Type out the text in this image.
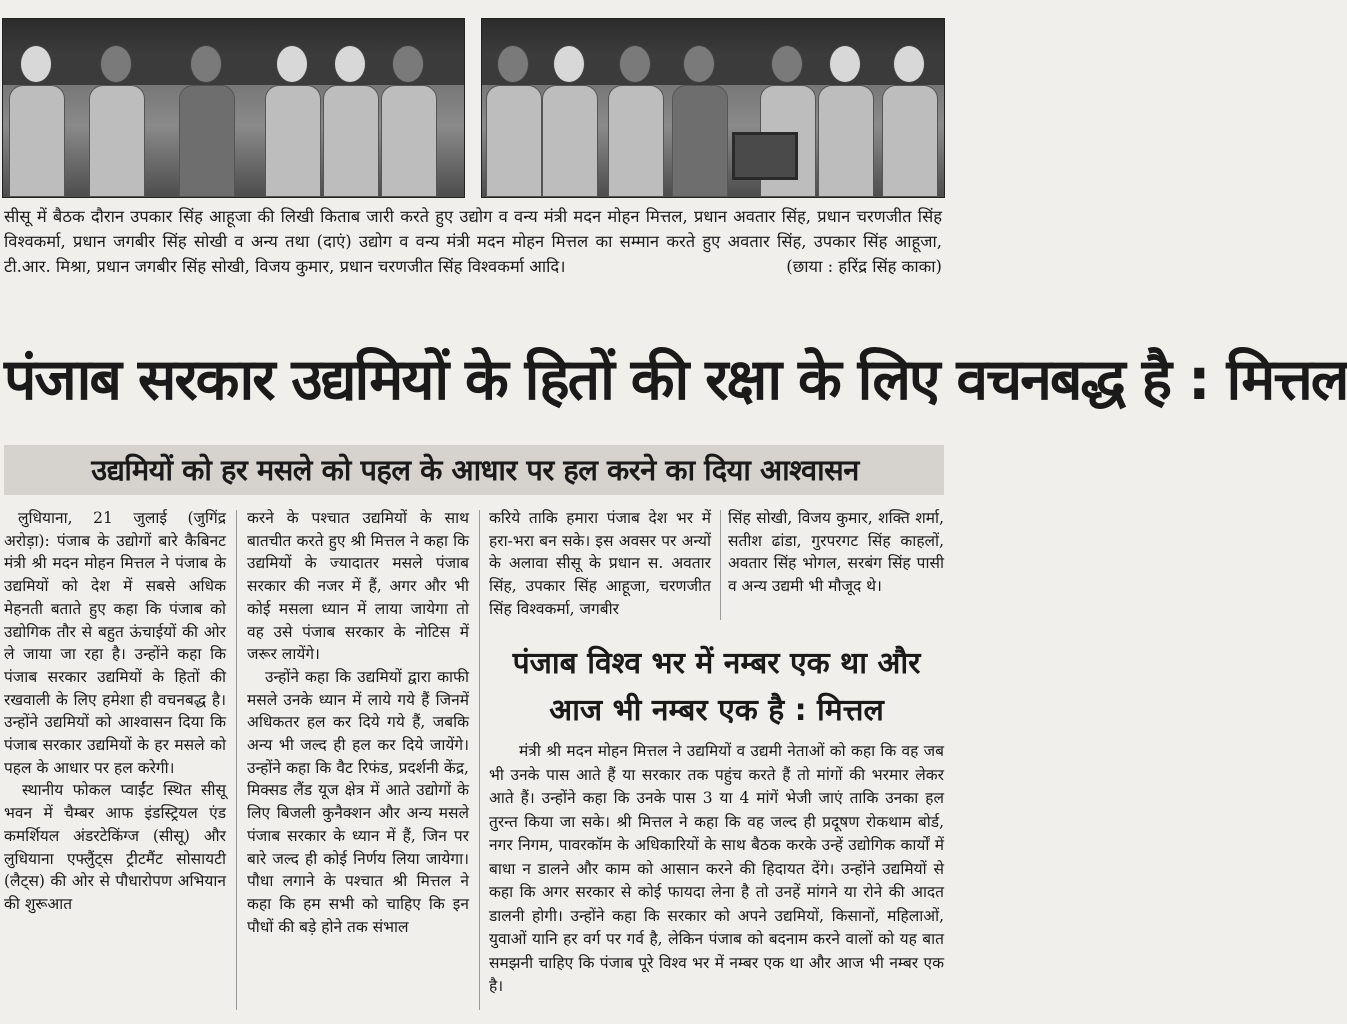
सीसू में बैठक दौरान उपकार सिंह आहूजा की लिखी किताब जारी करते हुए उद्योग व वन्य मंत्री मदन मोहन मित्तल, प्रधान अवतार सिंह, प्रधान चरणजीत सिंह विश्वकर्मा, प्रधान जगबीर सिंह सोखी व अन्य तथा (दाएं) उद्योग व वन्य मंत्री मदन मोहन मित्तल का सम्मान करते हुए अवतार सिंह, उपकार सिंह आहूजा, टी.आर. मिश्रा, प्रधान जगबीर सिंह सोखी, विजय कुमार, प्रधान चरणजीत सिंह विश्वकर्मा आदि।	(छाया : हरिंद्र सिंह काका)

पंजाब सरकार उद्यमियों के हितों की रक्षा के लिए वचनबद्ध है : मित्तल
उद्यमियों को हर मसले को पहल के आधार पर हल करने का दिया आश्वासन

लुधियाना, 21 जुलाई (जुगिंद्र अरोड़ा): पंजाब के उद्योगों बारे कैबिनट मंत्री श्री मदन मोहन मित्तल ने पंजाब के उद्यमियों को देश में सबसे अधिक मेहनती बताते हुए कहा कि पंजाब को उद्योगिक तौर से बहुत ऊंचाईयों की ओर ले जाया जा रहा है। उन्होंने कहा कि पंजाब सरकार उद्यमियों के हितों की रखवाली के लिए हमेशा ही वचनबद्ध है। उन्होंने उद्यमियों को आश्वासन दिया कि पंजाब सरकार उद्यमियों के हर मसले को पहल के आधार पर हल करेगी।

स्थानीय फोकल प्वाईंट स्थित सीसू भवन में चैम्बर आफ इंडस्ट्रियल एंड कमर्शियल अंडरटेकिंग्ज (सीसू) और लुधियाना एफ्लुैंट्स ट्रीटमैंट सोसायटी (लैट्स) की ओर से पौधारोपण अभियान की शुरूआत

करने के पश्चात उद्यमियों के साथ बातचीत करते हुए श्री मित्तल ने कहा कि उद्यमियों के ज्यादातर मसले पंजाब सरकार की नजर में हैं, अगर और भी कोई मसला ध्यान में लाया जायेगा तो वह उसे पंजाब सरकार के नोटिस में जरूर लायेंगे।

उन्होंने कहा कि उद्यमियों द्वारा काफी मसले उनके ध्यान में लाये गये हैं जिनमें अधिकतर हल कर दिये गये हैं, जबकि अन्य भी जल्द ही हल कर दिये जायेंगे। उन्होंने कहा कि वैट रिफंड, प्रदर्शनी केंद्र, मिक्सड लैंड यूज क्षेत्र में आते उद्योगों के लिए बिजली कुनैक्शन और अन्य मसले पंजाब सरकार के ध्यान में हैं, जिन पर बारे जल्द ही कोई निर्णय लिया जायेगा। पौधा लगाने के पश्चात श्री मित्तल ने कहा कि हम सभी को चाहिए कि इन पौधों की बड़े होने तक संभाल

करिये ताकि हमारा पंजाब देश भर में हरा-भरा बन सके। इस अवसर पर अन्यों के अलावा सीसू के प्रधान स. अवतार सिंह, उपकार सिंह आहूजा, चरणजीत सिंह विश्वकर्मा, जगबीर

सिंह सोखी, विजय कुमार, शक्ति शर्मा, सतीश ढांडा, गुरपरगट सिंह काहलों, अवतार सिंह भोगल, सरबंग सिंह पासी व अन्य उद्यमी भी मौजूद थे।

पंजाब विश्व भर में नम्बर एक था और आज भी नम्बर एक है : मित्तल

मंत्री श्री मदन मोहन मित्तल ने उद्यमियों व उद्यमी नेताओं को कहा कि वह जब भी उनके पास आते हैं या सरकार तक पहुंच करते हैं तो मांगों की भरमार लेकर आते हैं। उन्होंने कहा कि उनके पास 3 या 4 मांगें भेजी जाएं ताकि उनका हल तुरन्त किया जा सके। श्री मित्तल ने कहा कि वह जल्द ही प्रदूषण रोकथाम बोर्ड, नगर निगम, पावरकॉम के अधिकारियों के साथ बैठक करके उन्हें उद्योगिक कार्यों में बाधा न डालने और काम को आसान करने की हिदायत देंगे। उन्होंने उद्यमियों से कहा कि अगर सरकार से कोई फायदा लेना है तो उनहें मांगने या रोने की आदत डालनी होगी। उन्होंने कहा कि सरकार को अपने उद्यमियों, किसानों, महिलाओं, युवाओं यानि हर वर्ग पर गर्व है, लेकिन पंजाब को बदनाम करने वालों को यह बात समझनी चाहिए कि पंजाब पूरे विश्व भर में नम्बर एक था और आज भी नम्बर एक है।
